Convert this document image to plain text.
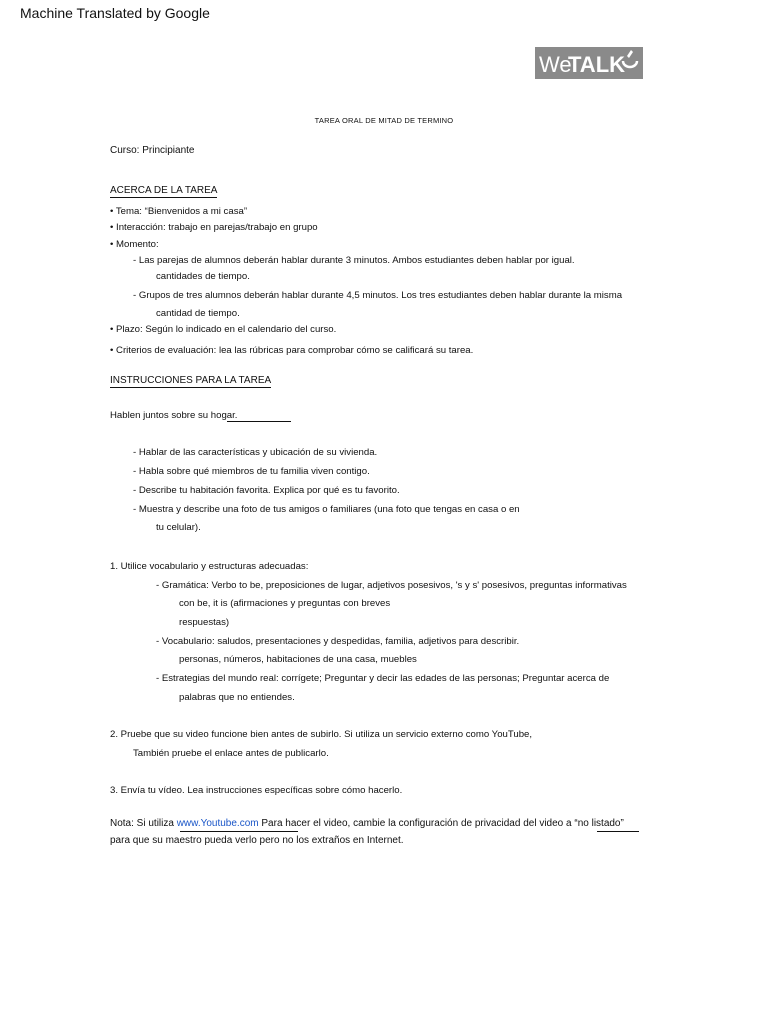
Machine Translated by Google
We
TALK
TAREA ORAL DE MITAD DE TERMINO
Curso: Principiante
ACERCA DE LA TAREA
• Tema: “Bienvenidos a mi casa”
• Interacción: trabajo en parejas/trabajo en grupo
• Momento:
- Las parejas de alumnos deberán hablar durante 3 minutos. Ambos estudiantes deben hablar por igual.
cantidades de tiempo.
- Grupos de tres alumnos deberán hablar durante 4,5 minutos. Los tres estudiantes deben hablar durante la misma
cantidad de tiempo.
• Plazo: Según lo indicado en el calendario del curso.
• Criterios de evaluación: lea las rúbricas para comprobar cómo se calificará su tarea.
INSTRUCCIONES PARA LA TAREA
Hablen juntos sobre su hogar.
- Hablar de las características y ubicación de su vivienda.
- Habla sobre qué miembros de tu familia viven contigo.
- Describe tu habitación favorita. Explica por qué es tu favorito.
- Muestra y describe una foto de tus amigos o familiares (una foto que tengas en casa o en
tu celular).
1. Utilice vocabulario y estructuras adecuadas:
- Gramática: Verbo to be, preposiciones de lugar, adjetivos posesivos, 's y s' posesivos, preguntas informativas
con be, it is (afirmaciones y preguntas con breves
respuestas)
- Vocabulario: saludos, presentaciones y despedidas, familia, adjetivos para describir.
personas, números, habitaciones de una casa, muebles
- Estrategias del mundo real: corrígete; Preguntar y decir las edades de las personas; Preguntar acerca de
palabras que no entiendes.
2. Pruebe que su video funcione bien antes de subirlo. Si utiliza un servicio externo como YouTube,
También pruebe el enlace antes de publicarlo.
3. Envía tu vídeo. Lea instrucciones específicas sobre cómo hacerlo.
Nota: Si utiliza www.Youtube.com Para hacer el video, cambie la configuración de privacidad del video a “no listado”
para que su maestro pueda verlo pero no los extraños en Internet.
